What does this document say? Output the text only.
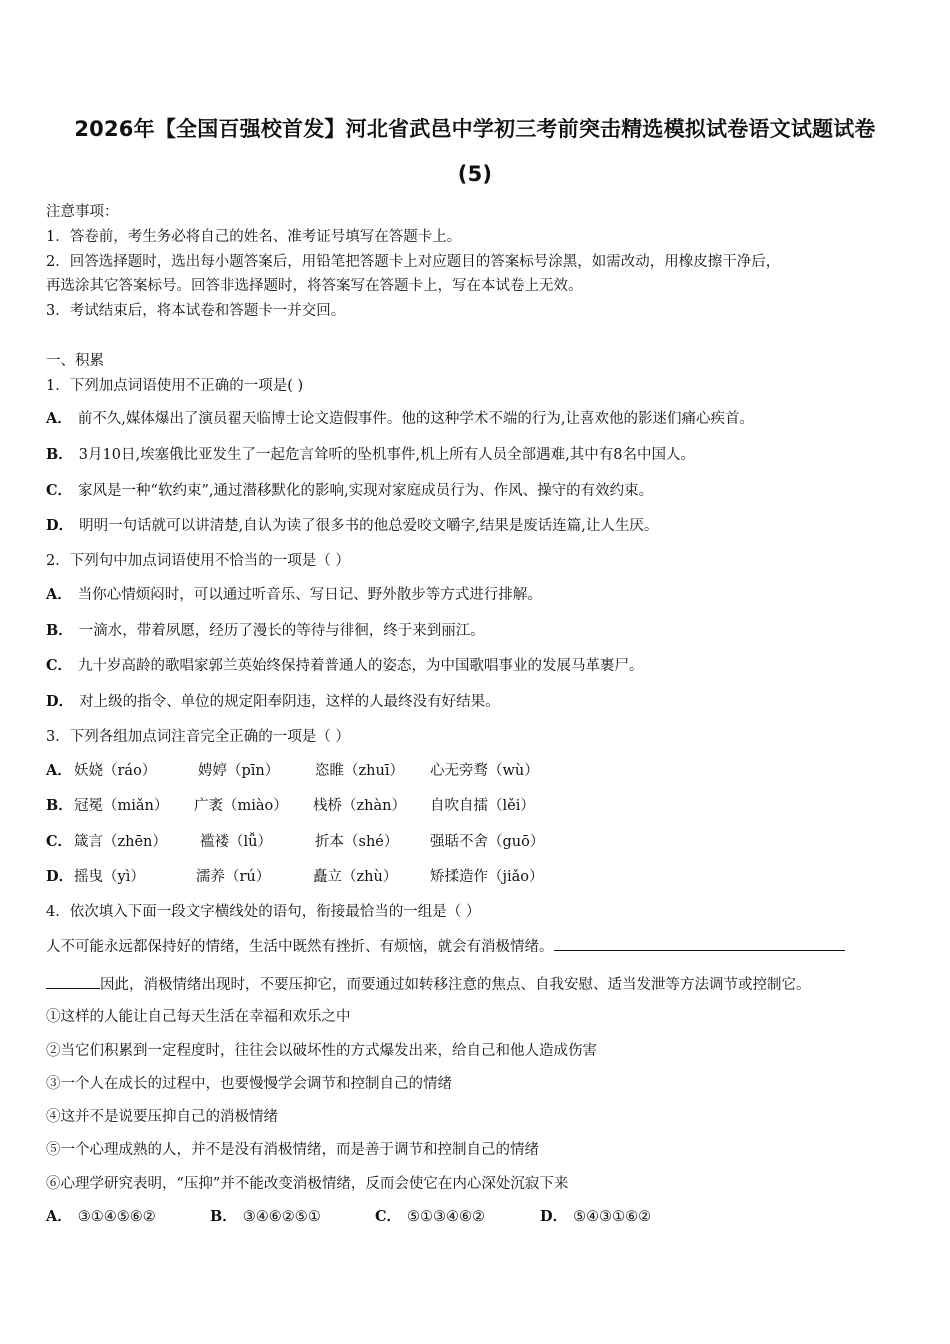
2026年【全国百强校首发】河北省武邑中学初三考前突击精选模拟试卷语文试题试卷
(5)
注意事项：
1．答卷前，考生务必将自己的姓名、准考证号填写在答题卡上。
2．回答选择题时，选出每小题答案后，用铅笔把答题卡上对应题目的答案标号涂黑，如需改动，用橡皮擦干净后，
再选涂其它答案标号。回答非选择题时，将答案写在答题卡上，写在本试卷上无效。
3．考试结束后，将本试卷和答题卡一并交回。
一、积累
1．下列加点词语使用不正确的一项是( )
A． 前不久,媒体爆出了演员翟天临博士论文造假事件。他的这种学术不端的行为,让喜欢他的影迷们痛心疾首。
B． 3月10日,埃塞俄比亚发生了一起危言耸听的坠机事件,机上所有人员全部遇难,其中有8名中国人。
C． 家风是一种“软约束”,通过潜移默化的影响,实现对家庭成员行为、作风、操守的有效约束。
D． 明明一句话就可以讲清楚,自认为读了很多书的他总爱咬文嚼字,结果是废话连篇,让人生厌。
2．下列句中加点词语使用不恰当的一项是（ ）
A． 当你心情烦闷时，可以通过听音乐、写日记、野外散步等方式进行排解。
B． 一滴水，带着夙愿，经历了漫长的等待与徘徊，终于来到丽江。
C． 九十岁高龄的歌唱家郭兰英始终保持着普通人的姿态，为中国歌唱事业的发展马革裹尸。
D． 对上级的指令、单位的规定阳奉阴违，这样的人最终没有好结果。
3．下列各组加点词注音完全正确的一项是（ ）
A． 妖娆（ráo）	娉婷（pīn） 恣睢（zhuī） 心无旁骛（wù）
B． 冠冕（miǎn） 广袤（miào） 栈桥（zhàn） 自吹自擂（lěi）
C． 箴言（zhēn） 褴褛（lǚ）	折本（shé） 强聒不舍（guō）
D． 摇曳（yì）	濡养（rú）	矗立（zhù） 矫揉造作（jiǎo）
4．依次填入下面一段文字横线处的语句，衔接最恰当的一组是（ ）
人不可能永远都保持好的情绪，生活中既然有挫折、有烦恼，就会有消极情绪。
因此，消极情绪出现时，不要压抑它，而要通过如转移注意的焦点、自我安慰、适当发泄等方法调节或控制它。
①这样的人能让自己每天生活在幸福和欢乐之中
②当它们积累到一定程度时，往往会以破坏性的方式爆发出来，给自己和他人造成伤害
③一个人在成长的过程中，也要慢慢学会调节和控制自己的情绪
④这并不是说要压抑自己的消极情绪
⑤一个心理成熟的人，并不是没有消极情绪，而是善于调节和控制自己的情绪
⑥心理学研究表明，“压抑”并不能改变消极情绪，反而会使它在内心深处沉寂下来
A． ③①④⑤⑥②	B． ③④⑥②⑤①	C． ⑤①③④⑥②	D． ⑤④③①⑥②
